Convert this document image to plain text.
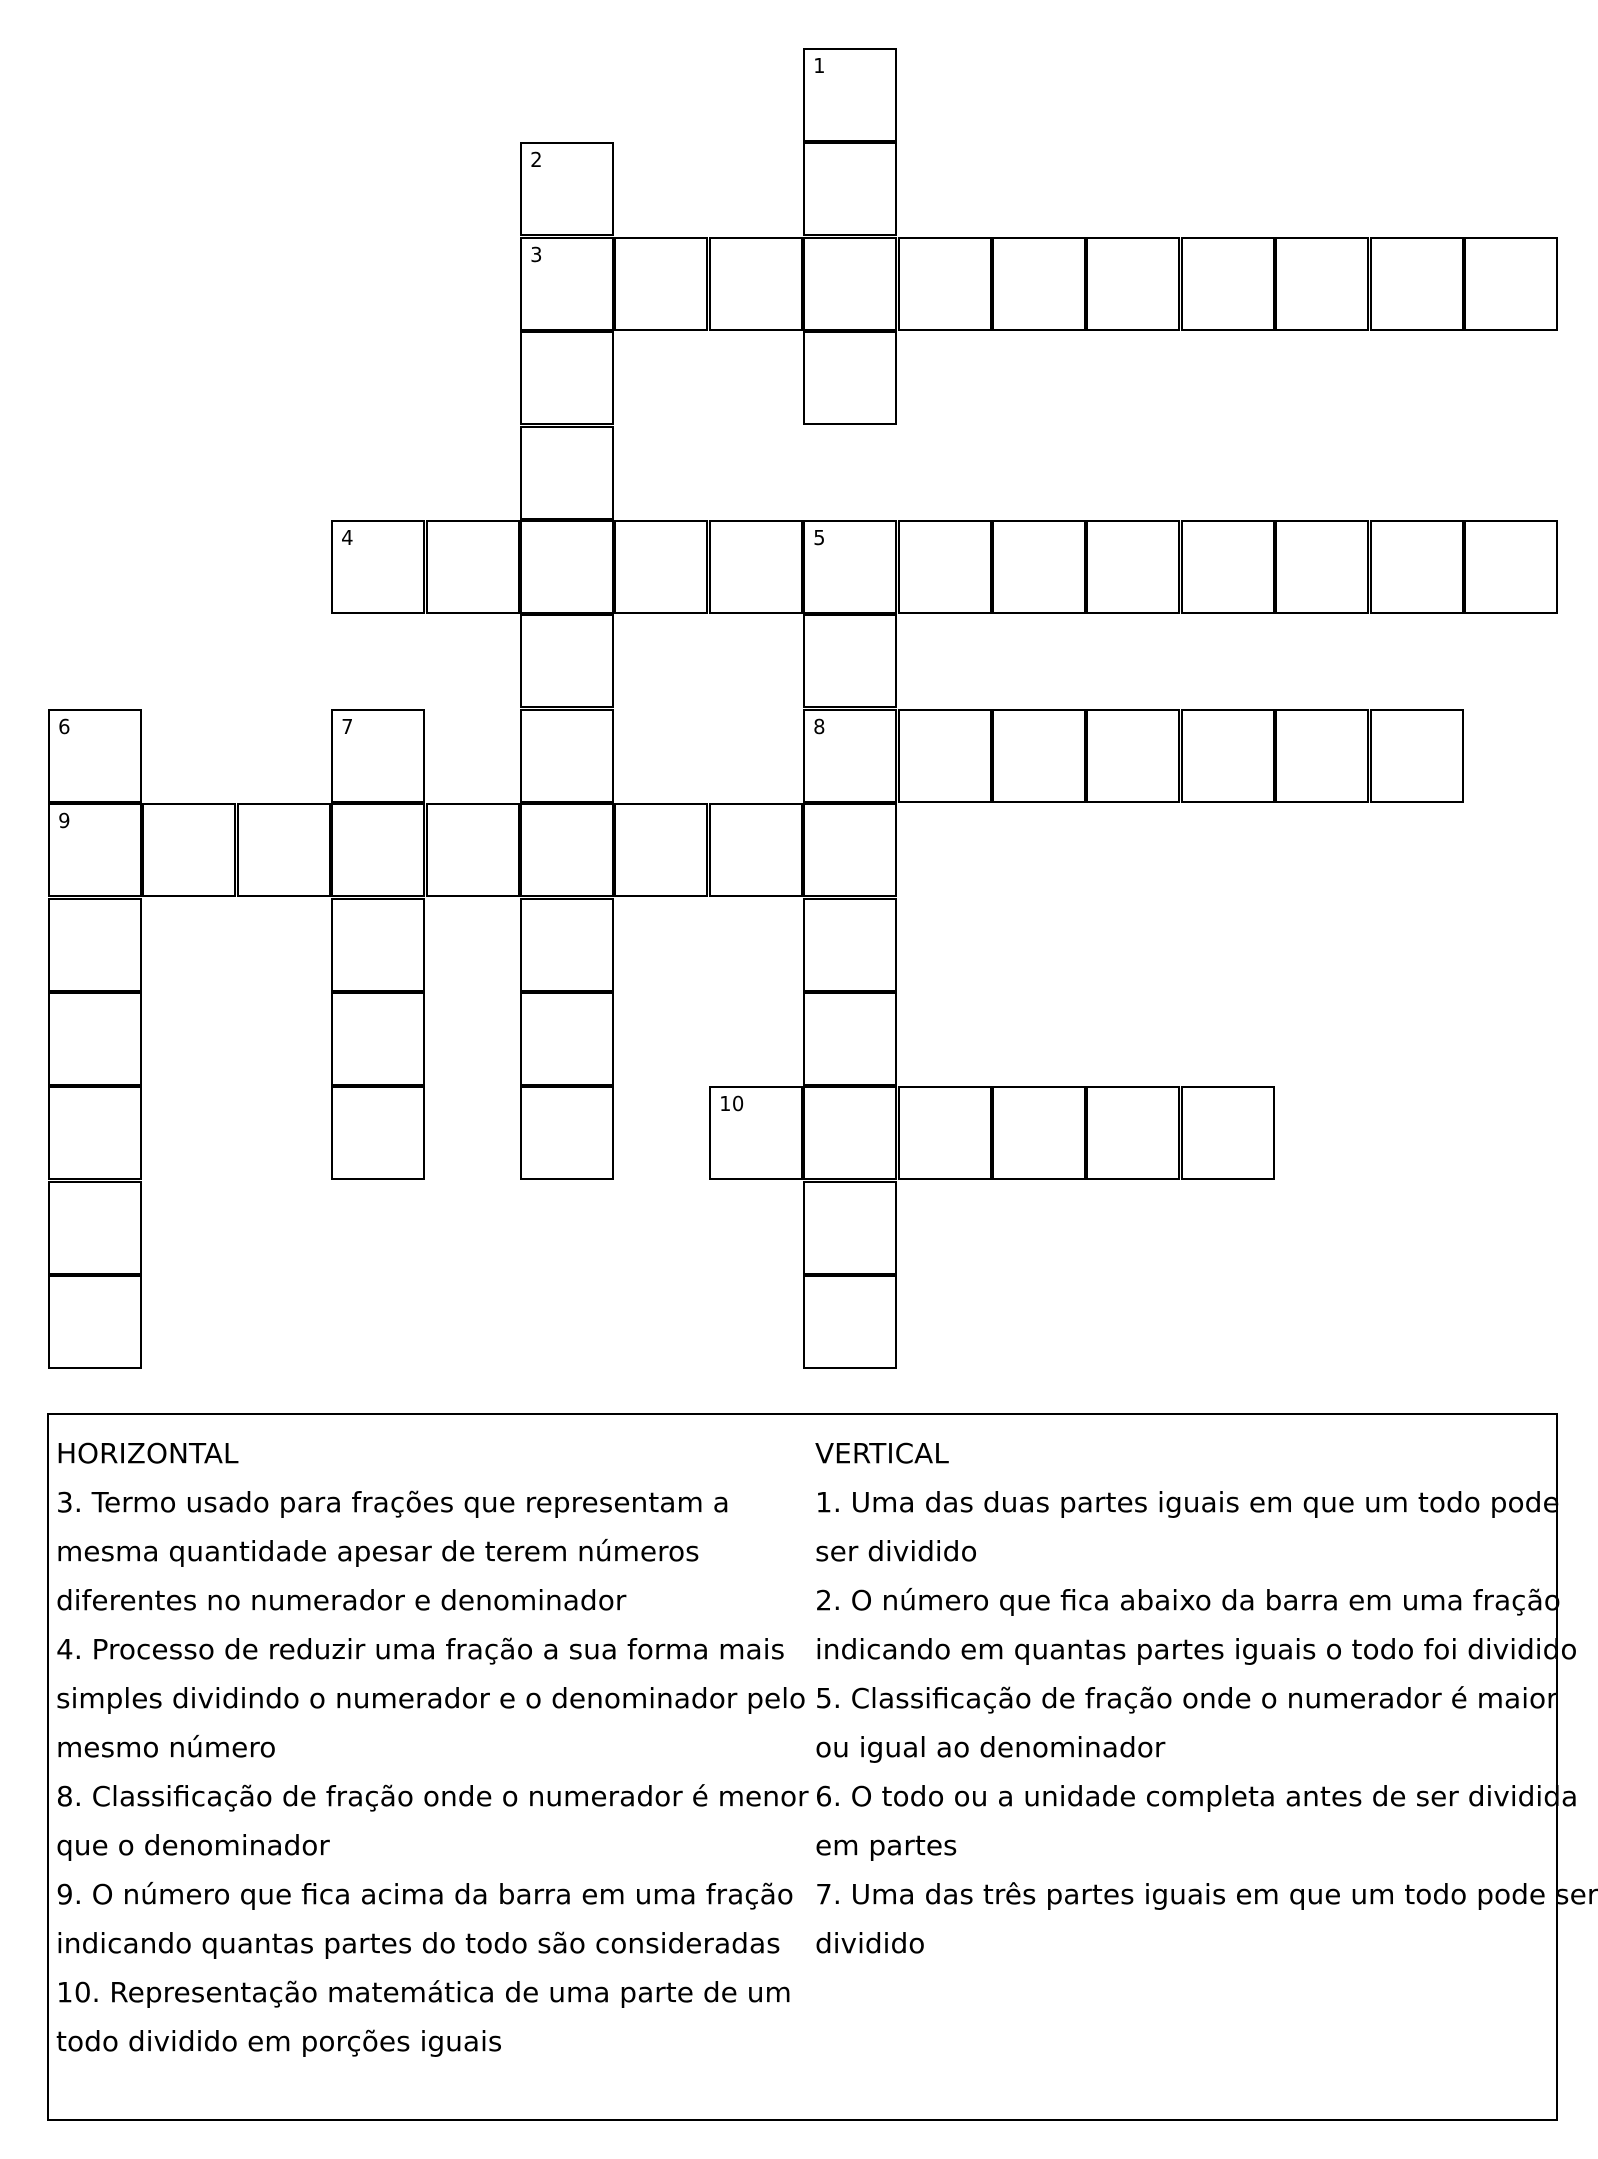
1
2
3
4	5
6	7	8
9
10
HORIZONTAL
3. Termo usado para frações que representam a
mesma quantidade apesar de terem números
diferentes no numerador e denominador
4. Processo de reduzir uma fração a sua forma mais
simples dividindo o numerador e o denominador pelo
mesmo número
8. Classificação de fração onde o numerador é menor
que o denominador
9. O número que fica acima da barra em uma fração
indicando quantas partes do todo são consideradas
10. Representação matemática de uma parte de um
todo dividido em porções iguais
VERTICAL
1. Uma das duas partes iguais em que um todo pode
ser dividido
2. O número que fica abaixo da barra em uma fração
indicando em quantas partes iguais o todo foi dividido
5. Classificação de fração onde o numerador é maior
ou igual ao denominador
6. O todo ou a unidade completa antes de ser dividida
em partes
7. Uma das três partes iguais em que um todo pode ser
dividido
